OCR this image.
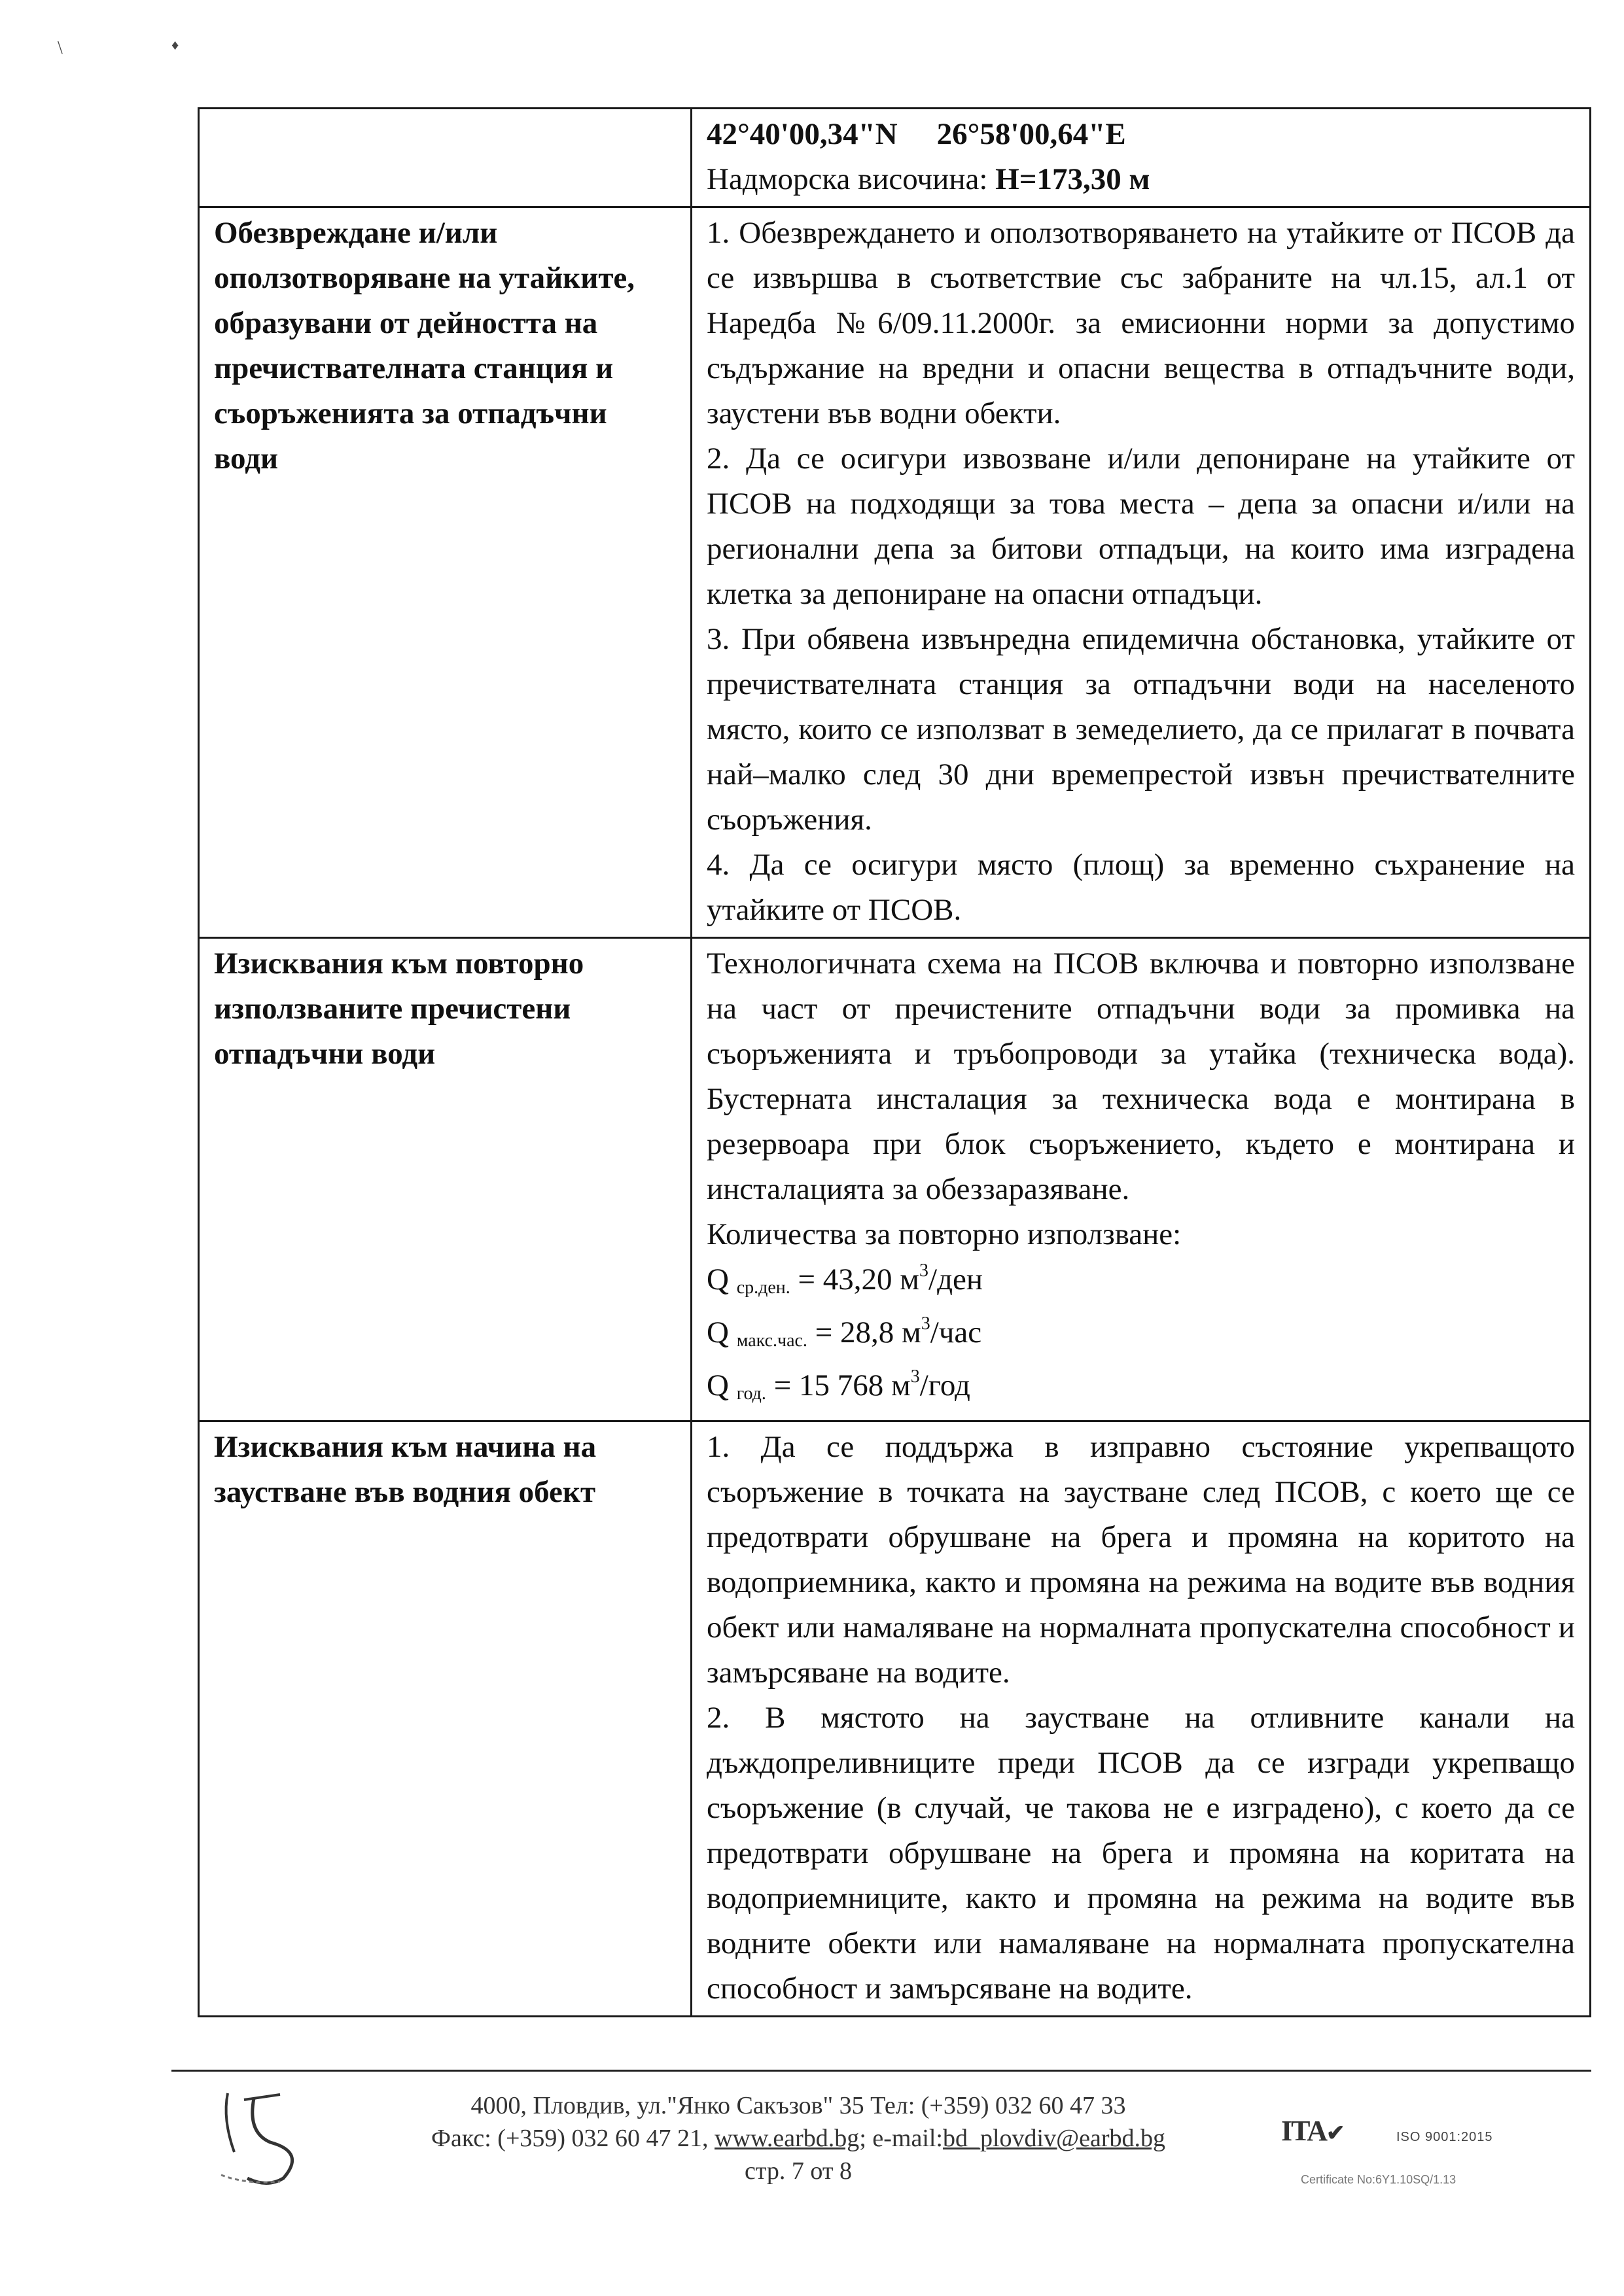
\	♦

	42°40'00,34"N 26°58'00,64"E
Надморска височина: H=173,30 м

Обезвреждане и/или оползотворяване на утайките, образувани от дейността на пречиствателната станция и съоръженията за отпадъчни води	1. Обезвреждането и оползотворяването на утайките от ПСОВ да се извършва в съответствие със забраните на чл.15, ал.1 от Наредба №6/09.11.2000г. за емисионни норми за допустимо съдържание на вредни и опасни вещества в отпадъчните води, заустени във водни обекти.

2. Да се осигури извозване и/или депониране на утайките от ПСОВ на подходящи за това места – депа за опасни и/или на регионални депа за битови отпадъци, на които има изградена клетка за депониране на опасни отпадъци.

3. При обявена извънредна епидемична обстановка, утайките от пречиствателната станция за отпадъчни води на населеното място, които се използват в земеделието, да се прилагат в почвата най–малко след 30 дни времепрестой извън пречиствателните съоръжения.

4. Да се осигури място (площ) за временно съхранение на утайките от ПСОВ.

Изисквания към повторно използваните пречистени отпадъчни води	Технологичната схема на ПСОВ включва и повторно използване на част от пречистените отпадъчни води за промивка на съоръженията и тръбопроводи за утайка (техническа вода). Бустерната инсталация за техническа вода е монтирана в резервоара при блок съоръжението, където е монтирана и инсталацията за обеззаразяване.

Количества за повторно използване:

Q $_{ср.ден.}$ = 43,20 $м^3$/ден
Q $_{макс.час.}$ = 28,8 $м^3$/час
Q $_{год.}$ = 15 768 $м^3$/год

Изисквания към начина на заустване във водния обект	1. Да се поддържа в изправно състояние укрепващото съоръжение в точката на заустване след ПСОВ, с което ще се предотврати обрушване на брега и промяна на коритото на водоприемника, както и промяна на режима на водите във водния обект или намаляване на нормалната пропускателна способност и замърсяване на водите.

2. В мястото на заустване на отливните канали на дъждопреливниците преди ПСОВ да се изгради укрепващо съоръжение (в случай, че такова не е изградено), с което да се предотврати обрушване на брега и промяна на коритата на водоприемниците, както и промяна на режима на водите във водните обекти или намаляване на нормалната пропускателна способност и замърсяване на водите.

4000, Пловдив, ул."Янко Сакъзов" 35 Тел: (+359) 032 60 47 33
Факс: (+359) 032 60 47 21, www.earbd.bg; e-mail:bd_plovdiv@earbd.bg
стр. 7 от 8
ITA✔	ISO 9001:2015
Certificate No:6Y1.10SQ/1.13
